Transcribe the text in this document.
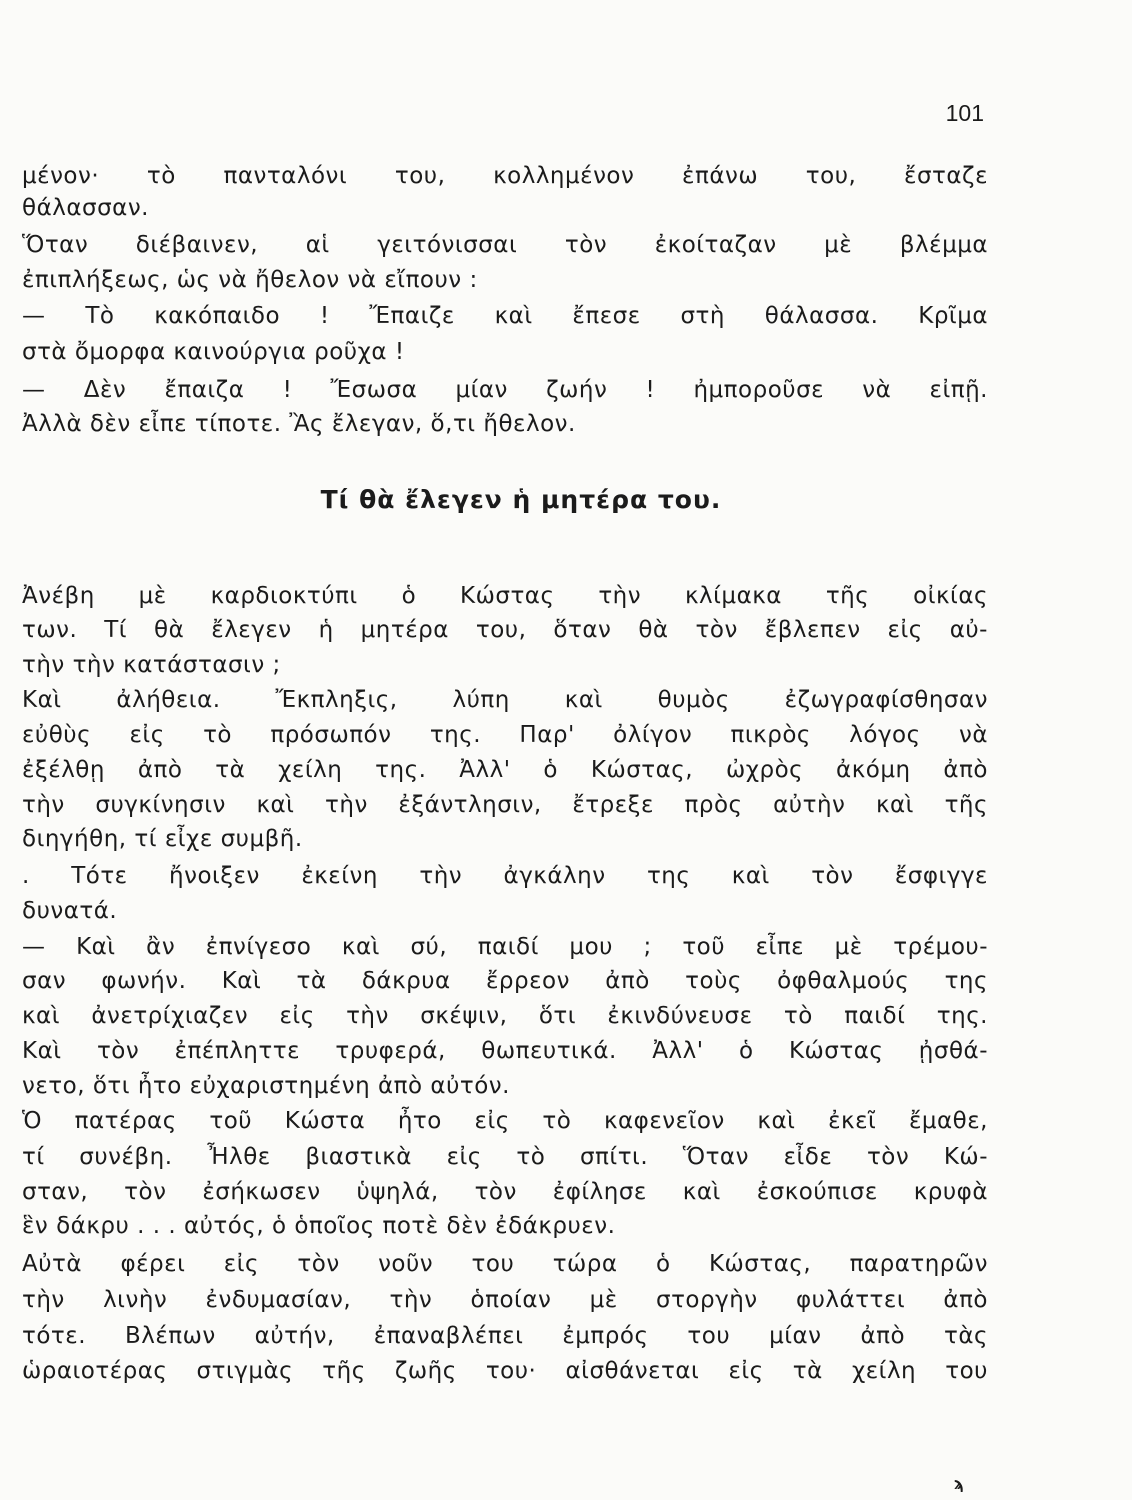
101
μένον· τὸ πανταλόνι του, κολλημένον ἐπάνω του, ἔσταζε
θάλασσαν.
Ὅταν διέβαινεν, αἱ γειτόνισσαι τὸν ἐκοίταζαν μὲ βλέμμα
ἐπιπλήξεως, ὡς νὰ ἤθελον νὰ εἴπουν :
— Τὸ κακόπαιδο ! Ἔπαιζε καὶ ἔπεσε στὴ θάλασσα. Κρῖμα
στὰ ὄμορφα καινούργια ροῦχα !
— Δὲν ἔπαιζα ! Ἔσωσα μίαν ζωήν ! ἠμποροῦσε νὰ εἰπῇ.
Ἀλλὰ δὲν εἶπε τίποτε. Ἂς ἔλεγαν, ὅ,τι ἤθελον.
Τί θὰ ἔλεγεν ἡ μητέρα του.
Ἀνέβη μὲ καρδιοκτύπι ὁ Κώστας τὴν κλίμακα τῆς οἰκίας
των. Τί θὰ ἔλεγεν ἡ μητέρα του, ὅταν θὰ τὸν ἔβλεπεν εἰς αὐ-
τὴν τὴν κατάστασιν ;
Καὶ ἀλήθεια. Ἔκπληξις, λύπη καὶ θυμὸς ἐζωγραφίσθησαν
εὐθὺς εἰς τὸ πρόσωπόν της. Παρ' ὀλίγον πικρὸς λόγος νὰ
ἐξέλθῃ ἀπὸ τὰ χείλη της. Ἀλλ' ὁ Κώστας, ὠχρὸς ἀκόμη ἀπὸ
τὴν συγκίνησιν καὶ τὴν ἐξάντλησιν, ἔτρεξε πρὸς αὐτὴν καὶ τῆς
διηγήθη, τί εἶχε συμβῆ.
. Τότε ἤνοιξεν ἐκείνη τὴν ἀγκάλην της καὶ τὸν ἔσφιγγε
δυνατά.
— Καὶ ἂν ἐπνίγεσο καὶ σύ, παιδί μου ; τοῦ εἶπε μὲ τρέμου-
σαν φωνήν. Καὶ τὰ δάκρυα ἔρρεον ἀπὸ τοὺς ὀφθαλμούς της
καὶ ἀνετρίχιαζεν εἰς τὴν σκέψιν, ὅτι ἐκινδύνευσε τὸ παιδί της.
Καὶ τὸν ἐπέπληττε τρυφερά, θωπευτικά. Ἀλλ' ὁ Κώστας ᾐσθά-
νετο, ὅτι ἦτο εὐχαριστημένη ἀπὸ αὐτόν.
Ὁ πατέρας τοῦ Κώστα ἦτο εἰς τὸ καφενεῖον καὶ ἐκεῖ ἔμαθε,
τί συνέβη. Ἦλθε βιαστικὰ εἰς τὸ σπίτι. Ὅταν εἶδε τὸν Κώ-
σταν, τὸν ἐσήκωσεν ὑψηλά, τὸν ἐφίλησε καὶ ἐσκούπισε κρυφὰ
ἓν δάκρυ . . . αὐτός, ὁ ὁποῖος ποτὲ δὲν ἐδάκρυεν.
Αὐτὰ φέρει εἰς τὸν νοῦν του τώρα ὁ Κώστας, παρατηρῶν
τὴν λινὴν ἐνδυμασίαν, τὴν ὁποίαν μὲ στοργὴν φυλάττει ἀπὸ
τότε. Βλέπων αὐτήν, ἐπαναβλέπει ἐμπρός του μίαν ἀπὸ τὰς
ὡραιοτέρας στιγμὰς τῆς ζωῆς του· αἰσθάνεται εἰς τὰ χείλη του
ϡ
